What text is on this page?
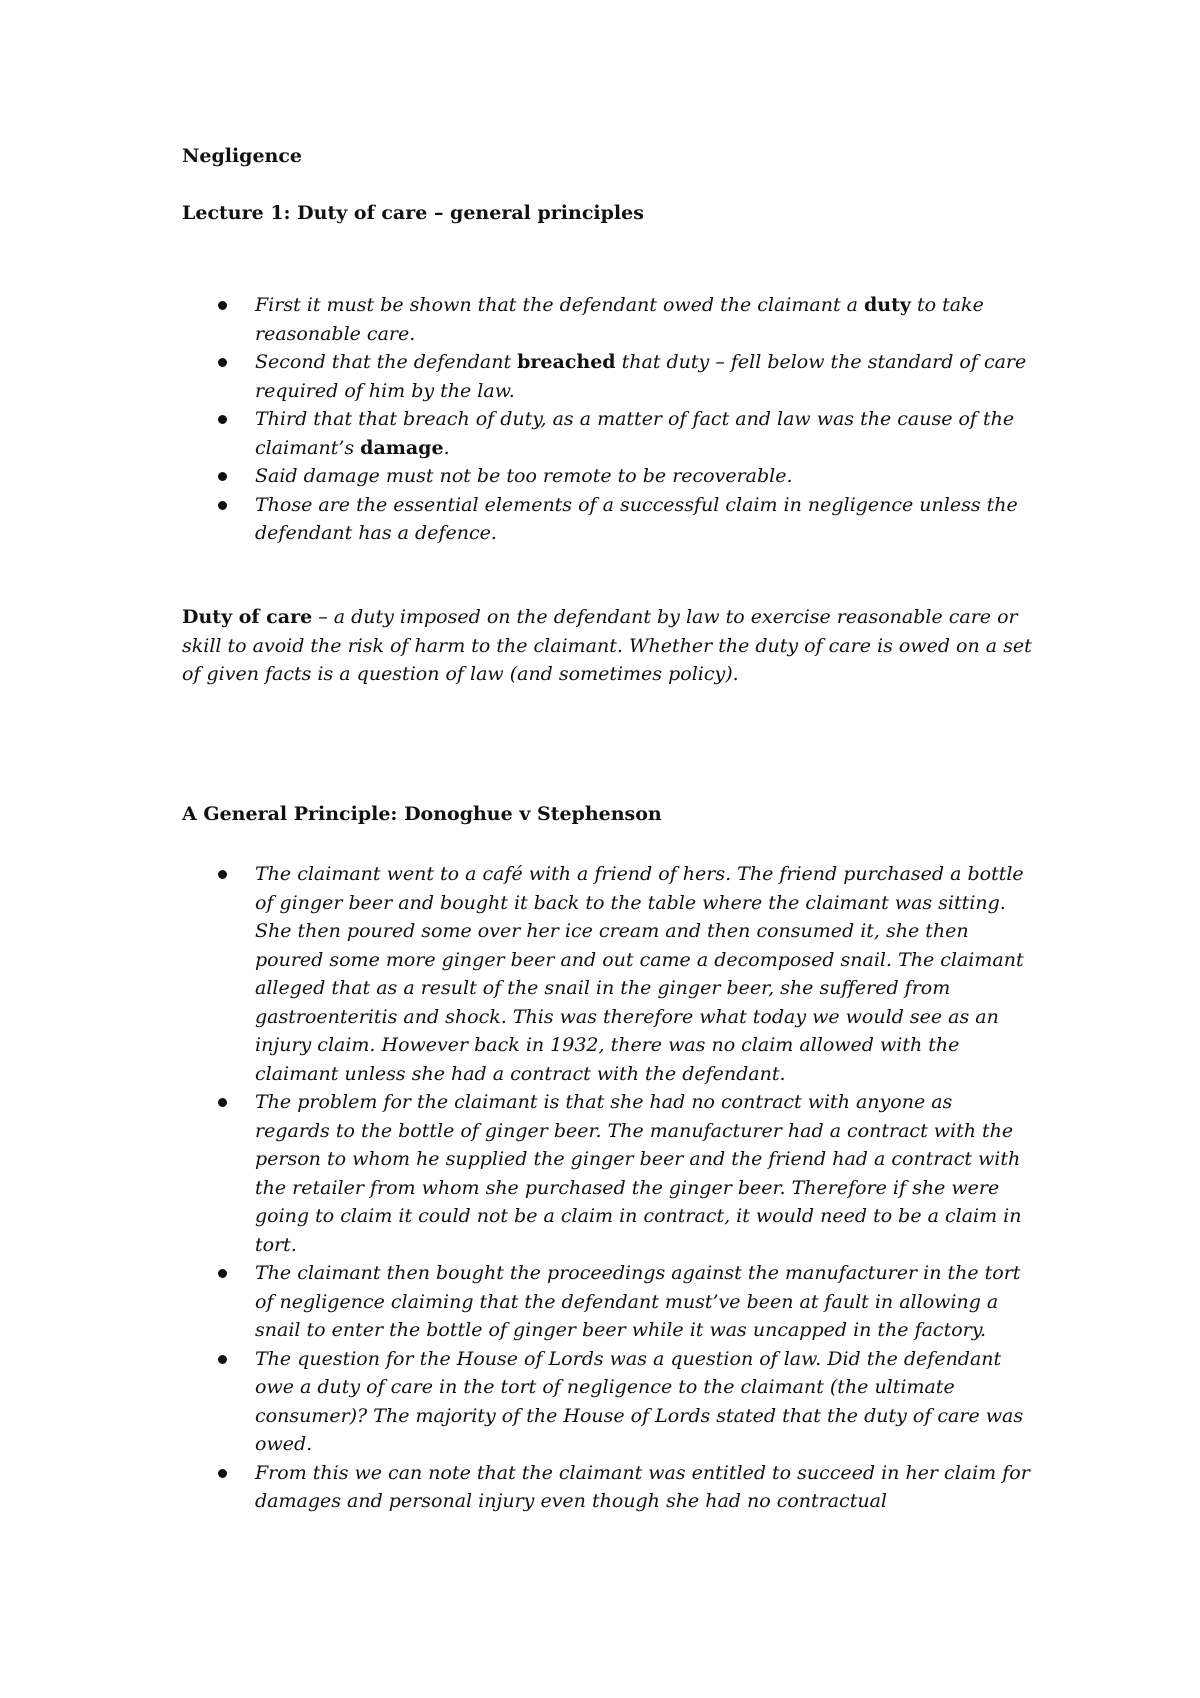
Negligence
Lecture 1: Duty of care – general principles
First it must be shown that the defendant owed the claimant a duty to take reasonable care.
Second that the defendant breached that duty – fell below the standard of care required of him by the law.
Third that that breach of duty, as a matter of fact and law was the cause of the claimant’s damage.
Said damage must not be too remote to be recoverable.
Those are the essential elements of a successful claim in negligence unless the defendant has a defence.

Duty of care – a duty imposed on the defendant by law to exercise reasonable care or skill to avoid the risk of harm to the claimant. Whether the duty of care is owed on a set of given facts is a question of law (and sometimes policy).

A General Principle: Donoghue v Stephenson
The claimant went to a café with a friend of hers. The friend purchased a bottle of ginger beer and bought it back to the table where the claimant was sitting. She then poured some over her ice cream and then consumed it, she then poured some more ginger beer and out came a decomposed snail. The claimant alleged that as a result of the snail in the ginger beer, she suffered from gastroenteritis and shock. This was therefore what today we would see as an injury claim. However back in 1932, there was no claim allowed with the claimant unless she had a contract with the defendant.
The problem for the claimant is that she had no contract with anyone as regards to the bottle of ginger beer. The manufacturer had a contract with the person to whom he supplied the ginger beer and the friend had a contract with the retailer from whom she purchased the ginger beer. Therefore if she were going to claim it could not be a claim in contract, it would need to be a claim in tort.
The claimant then bought the proceedings against the manufacturer in the tort of negligence claiming that the defendant must’ve been at fault in allowing a snail to enter the bottle of ginger beer while it was uncapped in the factory.
The question for the House of Lords was a question of law. Did the defendant owe a duty of care in the tort of negligence to the claimant (the ultimate consumer)? The majority of the House of Lords stated that the duty of care was owed.
From this we can note that the claimant was entitled to succeed in her claim for damages and personal injury even though she had no contractual
